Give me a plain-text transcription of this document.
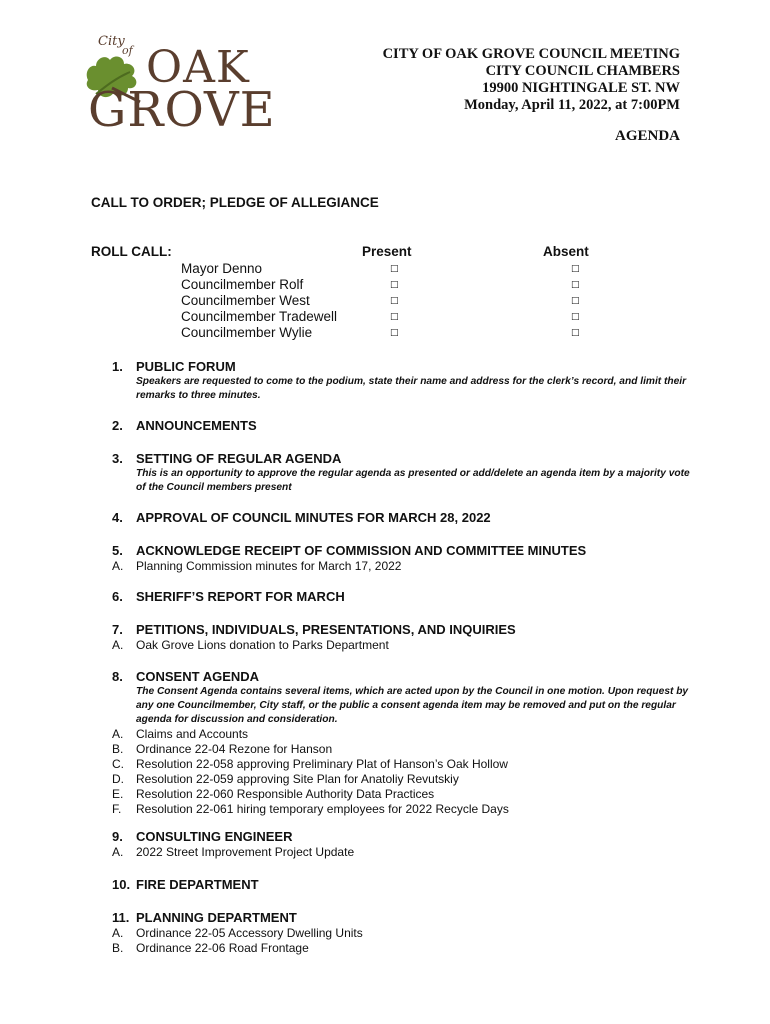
City
of OAK
GROVE
CITY OF OAK GROVE COUNCIL MEETING
CITY COUNCIL CHAMBERS
19900 NIGHTINGALE ST. NW
Monday, April 11, 2022, at 7:00PM
AGENDA
CALL TO ORDER; PLEDGE OF ALLEGIANCE
ROLL CALL:	Present	Absent
Mayor Denno
Councilmember Rolf
Councilmember West
Councilmember Tradewell
Councilmember Wylie
□
□
□
□
□
□
□
□
□
□
1. PUBLIC FORUM
Speakers are requested to come to the podium, state their name and address for the clerk’s record, and limit their remarks to three minutes.
2. ANNOUNCEMENTS
3. SETTING OF REGULAR AGENDA
This is an opportunity to approve the regular agenda as presented or add/delete an agenda item by a majority vote of the Council members present
4. APPROVAL OF COUNCIL MINUTES FOR MARCH 28, 2022
5. ACKNOWLEDGE RECEIPT OF COMMISSION AND COMMITTEE MINUTES
A. Planning Commission minutes for March 17, 2022
6. SHERIFF’S REPORT FOR MARCH
7. PETITIONS, INDIVIDUALS, PRESENTATIONS, AND INQUIRIES
A. Oak Grove Lions donation to Parks Department
8. CONSENT AGENDA
The Consent Agenda contains several items, which are acted upon by the Council in one motion. Upon request by any one Councilmember, City staff, or the public a consent agenda item may be removed and put on the regular agenda for discussion and consideration.
A. Claims and Accounts
B. Ordinance 22-04 Rezone for Hanson
C. Resolution 22-058 approving Preliminary Plat of Hanson’s Oak Hollow
D. Resolution 22-059 approving Site Plan for Anatoliy Revutskiy
E. Resolution 22-060 Responsible Authority Data Practices
F. Resolution 22-061 hiring temporary employees for 2022 Recycle Days
9. CONSULTING ENGINEER
A. 2022 Street Improvement Project Update
10. FIRE DEPARTMENT
11. PLANNING DEPARTMENT
A. Ordinance 22-05 Accessory Dwelling Units
B. Ordinance 22-06 Road Frontage
